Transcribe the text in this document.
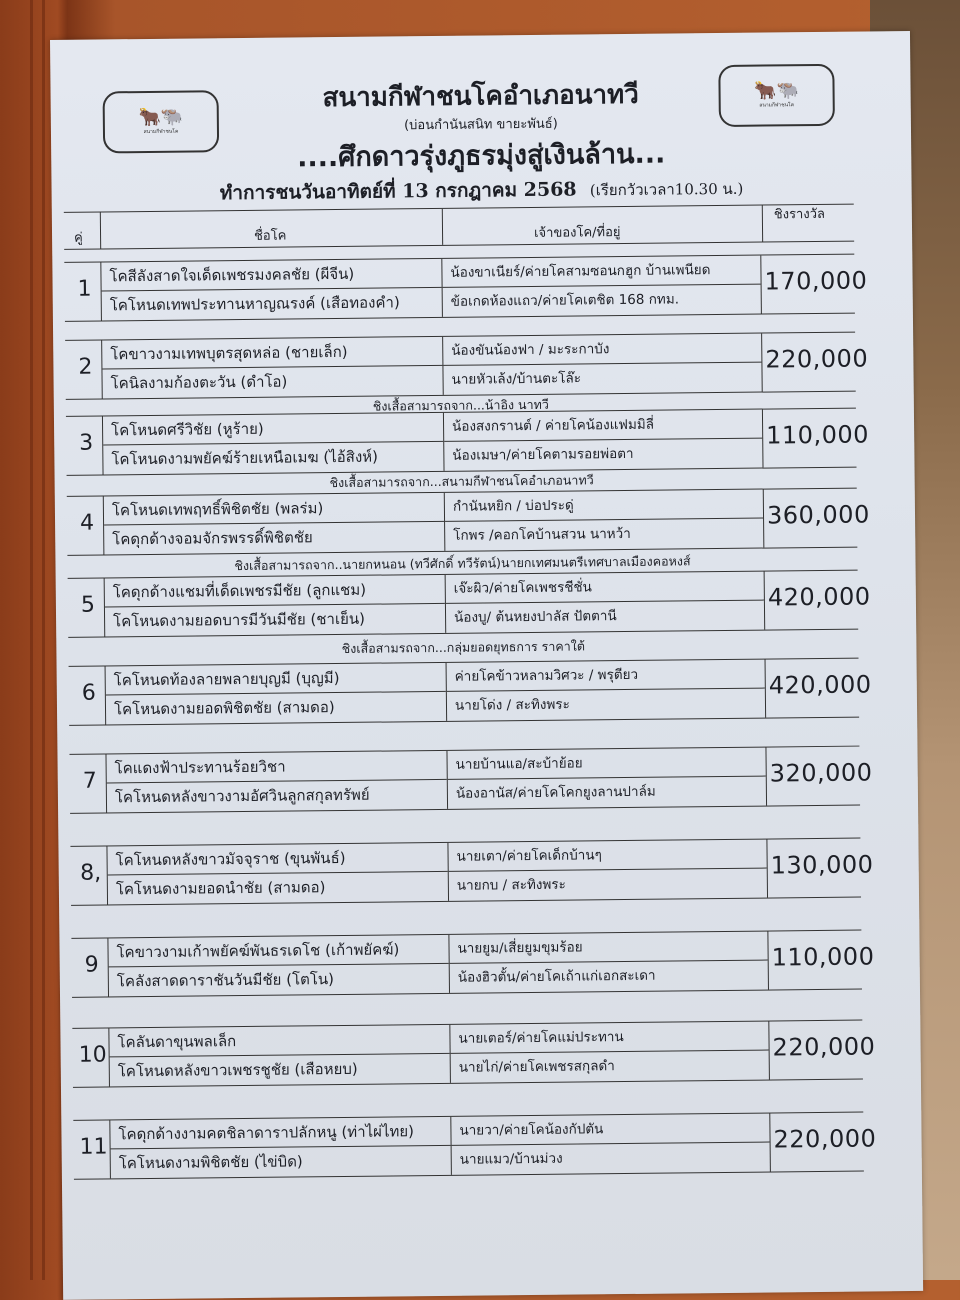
🐂🐃
สนามกีฬาชนโค
🐂🐃
สนามกีฬาชนโค
สนามกีฬาชนโคอำเภอนาทวี
(บ่อนกำนันสนิท ขายะพันธ์)
....ศึกดาวรุ่งภูธรมุ่งสู่เงินล้าน...
ทำการชนวันอาทิตย์ที่ 13 กรกฎาคม 2568 (เรียกวัวเวลา10.30 น.)
คู่	ชื่อโค	เจ้าของโค/ที่อยู่
ชิงรางวัล
1
โคสีลังสาดใจเด็ดเพชรมงคลชัย (ผีจีน)
โคโหนดเทพประทานหาญณรงค์ (เสือทองคำ)
น้องขาเนียร์/ค่ายโคสามซอนกฮูก บ้านเพนียด
ข้อเกดห้องแถว/ค่ายโคเตชิต 168 กทม.
170,000
2
โคขาวงามเทพบุตรสุดหล่อ (ชายเล็ก)
โคนิลงามก้องตะวัน (ดำโอ)
น้องขันน้องฟา / มะระกาบัง
นายหัวเล้ง/บ้านตะโล๊ะ
220,000
ชิงเสื้อสามารถจาก...น้าอิง นาทวี
3
โคโหนดศรีวิชัย (หูร้าย)
โคโหนดงามพยัคฆ์ร้ายเหนือเมฆ (ไอ้สิงห์)
น้องสงกรานต์ / ค่ายโคน้องแฟมมิลี่
น้องเมษา/ค่ายโคตามรอยพ่อตา
110,000
ชิงเสื้อสามารถจาก...สนามกีฬาชนโคอำเภอนาทวี
4
โคโหนดเทพฤทธิ์พิชิตชัย (พลร่ม)
โคดุกด้างจอมจักรพรรดิ์พิชิตชัย
กำนันหยิก / บ่อประดู่
โกพร /คอกโคบ้านสวน นาหว้า
360,000
ชิงเสื้อสามารถจาก..นายกหนอน (ทวีศักดิ์ ทวีรัตน์)นายกเทศมนตรีเทศบาลเมืองคอหงส์
5
โคดุกด้างแชมที่เด็ดเพชรมีชัย (ลูกแชม)
โคโหนดงามยอดบารมีวันมีชัย (ชาเย็น)
เจ๊ะผิว/ค่ายโคเพชรชีชั่น
น้องบู/ ต้นหยงปาลัส ปัตตานี
420,000
ชิงเสื้อสามรถจาก...กลุ่มยอดยุทธการ ราคาใต้
6
โคโหนดท้องลายพลายบุญมี (บุญมี)
โคโหนดงามยอดพิชิตชัย (สามดอ)
ค่ายโคข้าวหลามวิศวะ / พรุตียว
นายโด่ง / สะทิงพระ
420,000
7
โคแดงฟ้าประทานร้อยวิชา
โคโหนดหลังขาวงามอัศวินลูกสกุลทรัพย์
นายบ้านแอ/สะบ้าย้อย
น้องอานัส/ค่ายโคโคกยูงลานปาล์ม
320,000
8,
โคโหนดหลังขาวมัจจุราช (ขุนพันธ์)
โคโหนดงามยอดนำชัย (สามดอ)
นายเตา/ค่ายโคเด็กบ้านๆ
นายกบ / สะทิงพระ
130,000
9
โคขาวงามเก้าพยัคฆ์พันธรเดโช (เก้าพยัคฆ์)
โคลังสาดดาราชันวันมีชัย (โตโน)
นายยูม/เสี่ยยูมขุมร้อย
น้องฮิวตั้น/ค่ายโคเถ้าแก่เอกสะเดา
110,000
10
โคลันดาขุนพลเล็ก
โคโหนดหลังขาวเพชรชูชัย (เสือหยบ)
นายเตอร์/ค่ายโคแม่ประทาน
นายไก่/ค่ายโคเพชรสกุลดำ
220,000
11
โคดุกด้างงามคตชิลาดาราปลักหนู (ท่าไผ่ไทย)
โคโหนดงามพิชิตชัย (ไข่บิด)
นายวา/ค่ายโคน้องกัปตัน
นายแมว/บ้านม่วง
220,000
